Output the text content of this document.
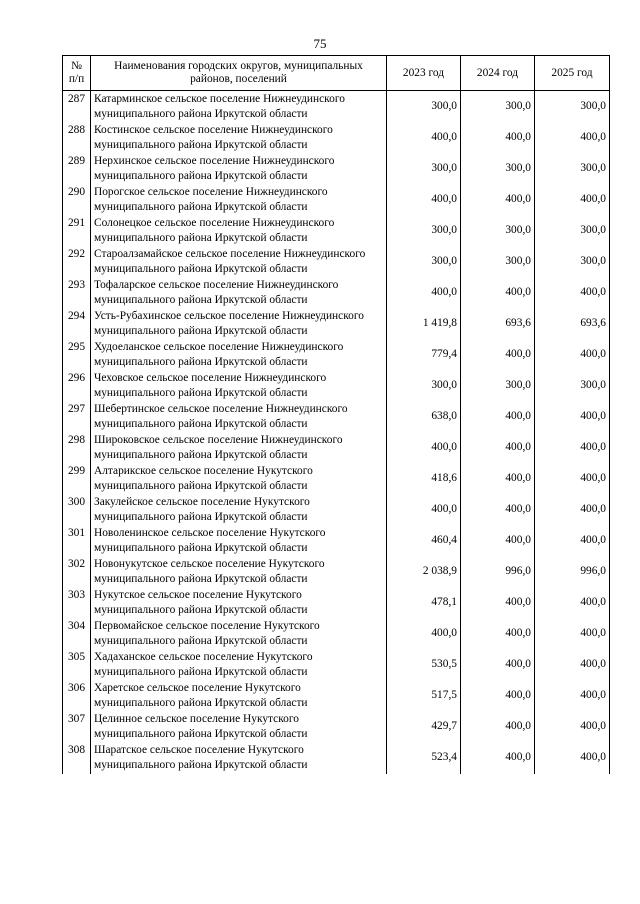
75
№ п/п	Наименования городских округов, муниципальных районов, поселений	2023 год	2024 год	2025 год
287	Катарминское сельское поселение Нижнеудинского муниципального района Иркутской области	300,0	300,0	300,0
288	Костинское сельское поселение Нижнеудинского муниципального района Иркутской области	400,0	400,0	400,0
289	Нерхинское сельское поселение Нижнеудинского муниципального района Иркутской области	300,0	300,0	300,0
290	Порогское сельское поселение Нижнеудинского муниципального района Иркутской области	400,0	400,0	400,0
291	Солонецкое сельское поселение Нижнеудинского муниципального района Иркутской области	300,0	300,0	300,0
292	Староалзамайское сельское поселение Нижнеудинского муниципального района Иркутской области	300,0	300,0	300,0
293	Тофаларское сельское поселение Нижнеудинского муниципального района Иркутской области	400,0	400,0	400,0
294	Усть-Рубахинское сельское поселение Нижнеудинского муниципального района Иркутской области	1 419,8	693,6	693,6
295	Худоеланское сельское поселение Нижнеудинского муниципального района Иркутской области	779,4	400,0	400,0
296	Чеховское сельское поселение Нижнеудинского муниципального района Иркутской области	300,0	300,0	300,0
297	Шебертинское сельское поселение Нижнеудинского муниципального района Иркутской области	638,0	400,0	400,0
298	Широковское сельское поселение Нижнеудинского муниципального района Иркутской области	400,0	400,0	400,0
299	Алтарикское сельское поселение Нукутского муниципального района Иркутской области	418,6	400,0	400,0
300	Закулейское сельское поселение Нукутского муниципального района Иркутской области	400,0	400,0	400,0
301	Новоленинское сельское поселение Нукутского муниципального района Иркутской области	460,4	400,0	400,0
302	Новонукутское сельское поселение Нукутского муниципального района Иркутской области	2 038,9	996,0	996,0
303	Нукутское сельское поселение Нукутского муниципального района Иркутской области	478,1	400,0	400,0
304	Первомайское сельское поселение Нукутского муниципального района Иркутской области	400,0	400,0	400,0
305	Хадаханское сельское поселение Нукутского муниципального района Иркутской области	530,5	400,0	400,0
306	Харетское сельское поселение Нукутского муниципального района Иркутской области	517,5	400,0	400,0
307	Целинное сельское поселение Нукутского муниципального района Иркутской области	429,7	400,0	400,0
308	Шаратское сельское поселение Нукутского муниципального района Иркутской области	523,4	400,0	400,0
